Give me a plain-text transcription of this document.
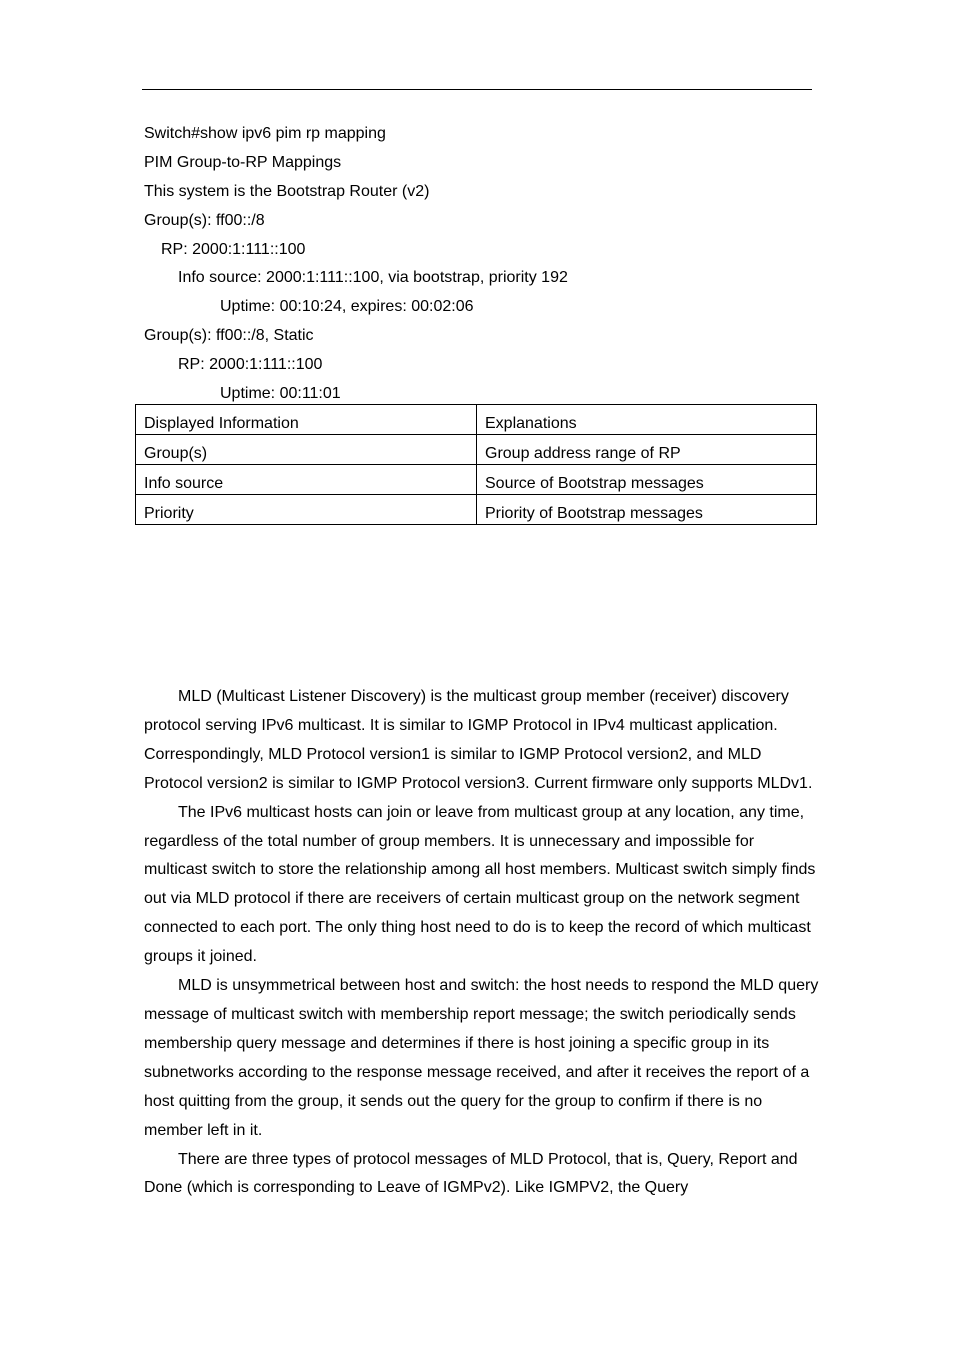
Switch#show ipv6 pim rp mapping
PIM Group-to-RP Mappings
This system is the Bootstrap Router (v2)
Group(s): ff00::/8
RP: 2000:1:111::100
Info source: 2000:1:111::100, via bootstrap, priority 192
Uptime: 00:10:24, expires: 00:02:06
Group(s): ff00::/8, Static
RP: 2000:1:111::100
Uptime: 00:11:01
Displayed Information	Explanations
Group(s)	Group address range of RP
Info source	Source of Bootstrap messages
Priority	Priority of Bootstrap messages

MLD (Multicast Listener Discovery) is the multicast group member (receiver) discovery protocol serving IPv6 multicast. It is similar to IGMP Protocol in IPv4 multicast application. Correspondingly, MLD Protocol version1 is similar to IGMP Protocol version2, and MLD Protocol version2 is similar to IGMP Protocol version3. Current firmware only supports MLDv1.

The IPv6 multicast hosts can join or leave from multicast group at any location, any time, regardless of the total number of group members. It is unnecessary and impossible for multicast switch to store the relationship among all host members. Multicast switch simply finds out via MLD protocol if there are receivers of certain multicast group on the network segment connected to each port. The only thing host need to do is to keep the record of which multicast groups it joined.

MLD is unsymmetrical between host and switch: the host needs to respond the MLD query message of multicast switch with membership report message; the switch periodically sends membership query message and determines if there is host joining a specific group in its subnetworks according to the response message received, and after it receives the report of a host quitting from the group, it sends out the query for the group to confirm if there is no member left in it.

There are three types of protocol messages of MLD Protocol, that is, Query, Report and Done (which is corresponding to Leave of IGMPv2). Like IGMPV2, the Query
